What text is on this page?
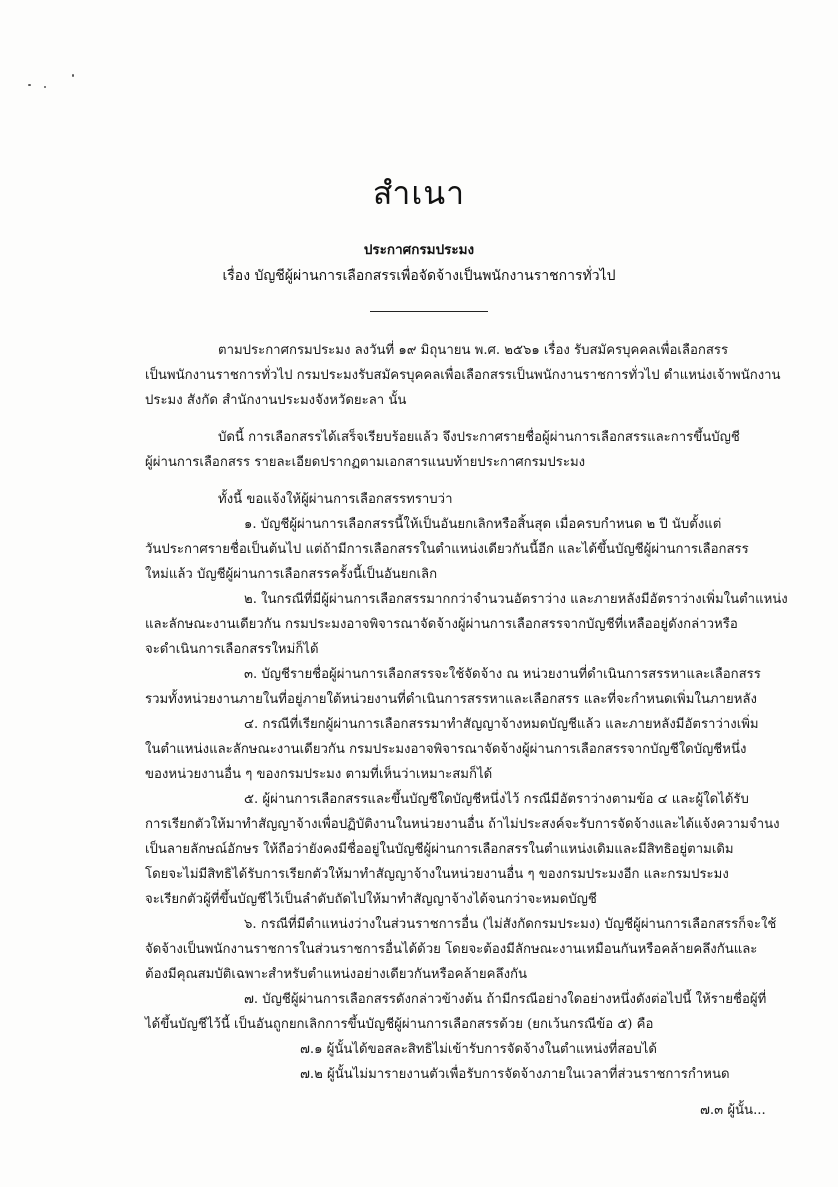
สำเนา
ประกาศกรมประมง
เรื่อง บัญชีผู้ผ่านการเลือกสรรเพื่อจัดจ้างเป็นพนักงานราชการทั่วไป
ตามประกาศกรมประมง ลงวันที่ ๑๙ มิถุนายน พ.ศ. ๒๕๖๑ เรื่อง รับสมัครบุคคลเพื่อเลือกสรร
เป็นพนักงานราชการทั่วไป กรมประมงรับสมัครบุคคลเพื่อเลือกสรรเป็นพนักงานราชการทั่วไป ตำแหน่งเจ้าพนักงาน
ประมง สังกัด สำนักงานประมงจังหวัดยะลา นั้น
บัดนี้ การเลือกสรรได้เสร็จเรียบร้อยแล้ว จึงประกาศรายชื่อผู้ผ่านการเลือกสรรและการขึ้นบัญชี
ผู้ผ่านการเลือกสรร รายละเอียดปรากฏตามเอกสารแนบท้ายประกาศกรมประมง
ทั้งนี้ ขอแจ้งให้ผู้ผ่านการเลือกสรรทราบว่า
๑. บัญชีผู้ผ่านการเลือกสรรนี้ให้เป็นอันยกเลิกหรือสิ้นสุด เมื่อครบกำหนด ๒ ปี นับตั้งแต่
วันประกาศรายชื่อเป็นต้นไป แต่ถ้ามีการเลือกสรรในตำแหน่งเดียวกันนี้อีก และได้ขึ้นบัญชีผู้ผ่านการเลือกสรร
ใหม่แล้ว บัญชีผู้ผ่านการเลือกสรรครั้งนี้เป็นอันยกเลิก
๒. ในกรณีที่มีผู้ผ่านการเลือกสรรมากกว่าจำนวนอัตราว่าง และภายหลังมีอัตราว่างเพิ่มในตำแหน่ง
และลักษณะงานเดียวกัน กรมประมงอาจพิจารณาจัดจ้างผู้ผ่านการเลือกสรรจากบัญชีที่เหลืออยู่ดังกล่าวหรือ
จะดำเนินการเลือกสรรใหม่ก็ได้
๓. บัญชีรายชื่อผู้ผ่านการเลือกสรรจะใช้จัดจ้าง ณ หน่วยงานที่ดำเนินการสรรหาและเลือกสรร
รวมทั้งหน่วยงานภายในที่อยู่ภายใต้หน่วยงานที่ดำเนินการสรรหาและเลือกสรร และที่จะกำหนดเพิ่มในภายหลัง
๔. กรณีที่เรียกผู้ผ่านการเลือกสรรมาทำสัญญาจ้างหมดบัญชีแล้ว และภายหลังมีอัตราว่างเพิ่ม
ในตำแหน่งและลักษณะงานเดียวกัน กรมประมงอาจพิจารณาจัดจ้างผู้ผ่านการเลือกสรรจากบัญชีใดบัญชีหนึ่ง
ของหน่วยงานอื่น ๆ ของกรมประมง ตามที่เห็นว่าเหมาะสมก็ได้
๕. ผู้ผ่านการเลือกสรรและขึ้นบัญชีใดบัญชีหนึ่งไว้ กรณีมีอัตราว่างตามข้อ ๔ และผู้ใดได้รับ
การเรียกตัวให้มาทำสัญญาจ้างเพื่อปฏิบัติงานในหน่วยงานอื่น ถ้าไม่ประสงค์จะรับการจัดจ้างและได้แจ้งความจำนง
เป็นลายลักษณ์อักษร ให้ถือว่ายังคงมีชื่ออยู่ในบัญชีผู้ผ่านการเลือกสรรในตำแหน่งเดิมและมีสิทธิอยู่ตามเดิม
โดยจะไม่มีสิทธิได้รับการเรียกตัวให้มาทำสัญญาจ้างในหน่วยงานอื่น ๆ ของกรมประมงอีก และกรมประมง
จะเรียกตัวผู้ที่ขึ้นบัญชีไว้เป็นลำดับถัดไปให้มาทำสัญญาจ้างได้จนกว่าจะหมดบัญชี
๖. กรณีที่มีตำแหน่งว่างในส่วนราชการอื่น (ไม่สังกัดกรมประมง) บัญชีผู้ผ่านการเลือกสรรก็จะใช้
จัดจ้างเป็นพนักงานราชการในส่วนราชการอื่นได้ด้วย โดยจะต้องมีลักษณะงานเหมือนกันหรือคล้ายคลึงกันและ
ต้องมีคุณสมบัติเฉพาะสำหรับตำแหน่งอย่างเดียวกันหรือคล้ายคลึงกัน
๗. บัญชีผู้ผ่านการเลือกสรรดังกล่าวข้างต้น ถ้ามีกรณีอย่างใดอย่างหนึ่งดังต่อไปนี้ ให้รายชื่อผู้ที่
ได้ขึ้นบัญชีไว้นี้ เป็นอันถูกยกเลิกการขึ้นบัญชีผู้ผ่านการเลือกสรรด้วย (ยกเว้นกรณีข้อ ๕) คือ
๗.๑ ผู้นั้นได้ขอสละสิทธิไม่เข้ารับการจัดจ้างในตำแหน่งที่สอบได้
๗.๒ ผู้นั้นไม่มารายงานตัวเพื่อรับการจัดจ้างภายในเวลาที่ส่วนราชการกำหนด
๗.๓ ผู้นั้น...
